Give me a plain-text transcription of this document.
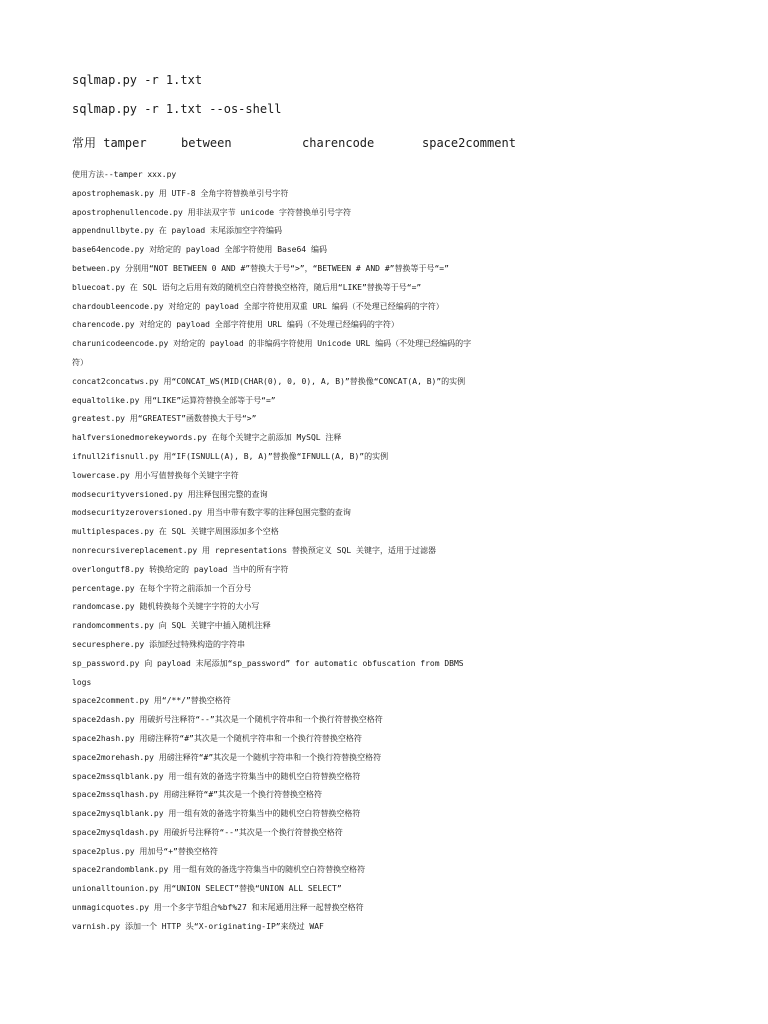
sqlmap.py -r 1.txt
sqlmap.py -r 1.txt --os-shell
常用 tamper	between	charencode	space2comment
使用方法--tamper xxx.py
apostrophemask.py 用 UTF-8 全角字符替换单引号字符
apostrophenullencode.py 用非法双字节 unicode 字符替换单引号字符
appendnullbyte.py 在 payload 末尾添加空字符编码
base64encode.py 对给定的 payload 全部字符使用 Base64 编码
between.py 分别用“NOT BETWEEN 0 AND #”替换大于号“>”，“BETWEEN # AND #”替换等于号“=”
bluecoat.py 在 SQL 语句之后用有效的随机空白符替换空格符，随后用“LIKE”替换等于号“=”
chardoubleencode.py 对给定的 payload 全部字符使用双重 URL 编码（不处理已经编码的字符）
charencode.py 对给定的 payload 全部字符使用 URL 编码（不处理已经编码的字符）
charunicodeencode.py 对给定的 payload 的非编码字符使用 Unicode URL 编码（不处理已经编码的字
符）
concat2concatws.py 用“CONCAT_WS(MID(CHAR(0), 0, 0), A, B)”替换像“CONCAT(A, B)”的实例
equaltolike.py 用“LIKE”运算符替换全部等于号“=”
greatest.py 用“GREATEST”函数替换大于号“>”
halfversionedmorekeywords.py 在每个关键字之前添加 MySQL 注释
ifnull2ifisnull.py 用“IF(ISNULL(A), B, A)”替换像“IFNULL(A, B)”的实例
lowercase.py 用小写值替换每个关键字字符
modsecurityversioned.py 用注释包围完整的查询
modsecurityzeroversioned.py 用当中带有数字零的注释包围完整的查询
multiplespaces.py 在 SQL 关键字周围添加多个空格
nonrecursivereplacement.py 用 representations 替换预定义 SQL 关键字，适用于过滤器
overlongutf8.py 转换给定的 payload 当中的所有字符
percentage.py 在每个字符之前添加一个百分号
randomcase.py 随机转换每个关键字字符的大小写
randomcomments.py 向 SQL 关键字中插入随机注释
securesphere.py 添加经过特殊构造的字符串
sp_password.py 向 payload 末尾添加“sp_password” for automatic obfuscation from DBMS
logs
space2comment.py 用“/**/”替换空格符
space2dash.py 用破折号注释符“--”其次是一个随机字符串和一个换行符替换空格符
space2hash.py 用磅注释符“#”其次是一个随机字符串和一个换行符替换空格符
space2morehash.py 用磅注释符“#”其次是一个随机字符串和一个换行符替换空格符
space2mssqlblank.py 用一组有效的备选字符集当中的随机空白符替换空格符
space2mssqlhash.py 用磅注释符“#”其次是一个换行符替换空格符
space2mysqlblank.py 用一组有效的备选字符集当中的随机空白符替换空格符
space2mysqldash.py 用破折号注释符“--”其次是一个换行符替换空格符
space2plus.py 用加号“+”替换空格符
space2randomblank.py 用一组有效的备选字符集当中的随机空白符替换空格符
unionalltounion.py 用“UNION SELECT”替换“UNION ALL SELECT”
unmagicquotes.py 用一个多字节组合%bf%27 和末尾通用注释一起替换空格符
varnish.py 添加一个 HTTP 头“X-originating-IP”来绕过 WAF
